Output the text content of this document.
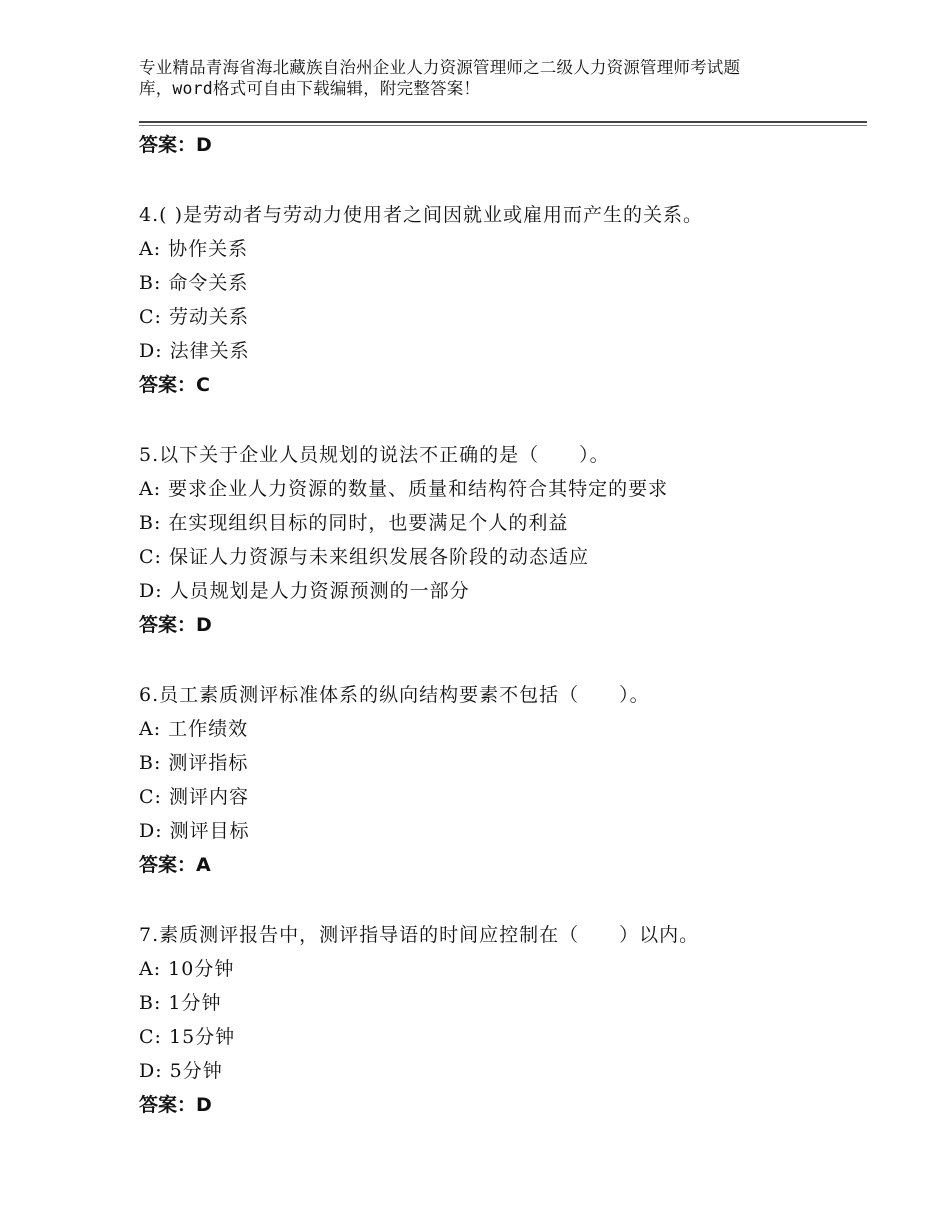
专业精品青海省海北藏族自治州企业人力资源管理师之二级人力资源管理师考试题
库，word格式可自由下载编辑，附完整答案！
答案：D
4.( )是劳动者与劳动力使用者之间因就业或雇用而产生的关系。
A: 协作关系
B: 命令关系
C: 劳动关系
D: 法律关系
答案：C
5.以下关于企业人员规划的说法不正确的是（　　）。
A: 要求企业人力资源的数量、质量和结构符合其特定的要求
B: 在实现组织目标的同时，也要满足个人的利益
C: 保证人力资源与未来组织发展各阶段的动态适应
D: 人员规划是人力资源预测的一部分
答案：D
6.员工素质测评标准体系的纵向结构要素不包括（　　）。
A: 工作绩效
B: 测评指标
C: 测评内容
D: 测评目标
答案：A
7.素质测评报告中，测评指导语的时间应控制在（　　）以内。
A: 10分钟
B: 1分钟
C: 15分钟
D: 5分钟
答案：D
